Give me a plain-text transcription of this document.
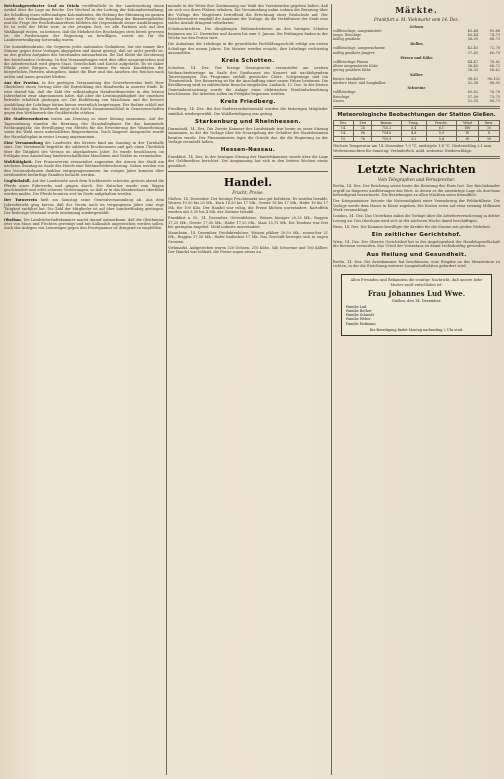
Reichsabgeordneter Graf zu Oriola veröffentlicht in der Landeszeitung einen Artikel über die Lage im Reiche. Der Wechsel in der Leitung der Kolonialverwaltung, die Schaffung eines selbständigen Kolonialamtes, die Hebung der Stimmung im ganzen Lande, die Verhandlungen über Heer und Flotte, die Regelung der Beamtengehälter und die Frage der Reichsfinanzreform bildeten die Gegenstände seiner Ausführungen. Es ist wohl der Mühe wert, in der jetzigen Zeit, wo alle Parteien sich auf den Wahlkampf rüsten, zu betonen, daß die Mehrheit des Reichstages stets bereit gewesen ist, die Forderungen der Regierung zu bewilligen, soweit sie für die Landesverteidigung notwendig waren.

Die Sozialdemokratie, die Gegnerin jedes nationalen Gedankens, hat wie immer ihre Stimme gegen diese Vorlagen abgegeben und damit gezeigt, daß sie nicht gewillt ist, an den großen Aufgaben des Vaterlandes mitzuarbeiten. Ihr Ziel bleibt die Zerstörung der bestehenden Ordnung. In den Versammlungen wird dies offen ausgesprochen und die Arbeiterschaft wird gegen Staat, Gesellschaft und Kirche aufgehetzt. Es ist daher Pflicht jedes Bürgers, am Wahltage seine Stimme für einen Kandidaten der bürgerlichen Parteien abzugeben, damit die Ehre und das Ansehen des Reiches nach außen und innen gewahrt bleiben.

Aus der Provinz. In der gestrigen Versammlung des Gewerbevereins hielt Herr Oberlehrer einen Vortrag über die Entwicklung des Handwerks in unserer Stadt. Er wies darauf hin, daß die Zahl der selbständigen Handwerksmeister in den letzten Jahrzehnten zwar abgenommen habe, daß aber die Leistungsfähigkeit der einzelnen Betriebe erheblich gestiegen sei. Die Einführung von Maschinen und die bessere Ausbildung der Lehrlinge hätten hierzu wesentlich beigetragen. Der Redner schloß mit der Mahnung, das Handwerk möge sich durch Zusammenschluß in Genossenschaften gegen den Wettbewerb der Großbetriebe stärken.

Die Stadtverordneten traten am Dienstag zu einer Sitzung zusammen. Auf der Tagesordnung standen die Beratung des Haushaltsplanes für das kommende Rechnungsjahr, die Bewilligung von Mitteln für die Erweiterung der Wasserleitung sowie die Wahl eines unbesoldeten Beigeordneten. Nach längerer Aussprache wurde der Haushaltsplan in erster Lesung angenommen.

Eine Versammlung der Landwirte des Kreises fand am Sonntag in der Turnhalle statt. Der Vorsitzende begrüßte die zahlreich Erschienenen und gab einen Überblick über die Tätigkeit des Vereins im abgelaufenen Jahre. Es wurde beschlossen, im Frühjahr eine Ausstellung landwirtschaftlicher Maschinen und Geräte zu veranstalten.

Wohltätigkeit. Der Frauenverein veranstaltet zugunsten der Armen der Stadt am nächsten Sonntag im Saale des Hotels eine Weihnachtsbescherung. Gaben werden von den Vorstandsdamen dankbar entgegengenommen. Im vorigen Jahre konnten über zweihundert bedürftige Familien bedacht werden.

Unglücksfall. Auf der Landstraße nach dem Nachbarorte scheuten gestern abend die Pferde eines Fuhrwerks und gingen durch. Der Kutscher wurde vom Wagen geschleudert und erlitt schwere Verletzungen, so daß er in das Krankenhaus überführt werden mußte. Die Pferde konnten erst im Dorfe aufgehalten werden.

Der Turnverein hielt am Samstag seine Generalversammlung ab. Aus dem Jahresbericht ging hervor, daß der Verein auch im vergangenen Jahre eine rege Tätigkeit entfaltet hat. Die Zahl der Mitglieder ist auf über hundertfünfzig gestiegen. Der bisherige Vorstand wurde einstimmig wiedergewählt.

Obstbau. Die Landwirtschaftskammer macht darauf aufmerksam, daß die Obstbäume jetzt von Moos und Flechten gereinigt und mit Kalkmilch angestrichen werden sollen. Auch das Anlegen von Leimringen gegen den Frostspanner ist dringend zu empfehlen.

meinde in der Weise ihre Zustimmung zur Wahl des Vorsitzenden gegeben haben, daß sie sich von ihren Plätzen erhoben. Die Versammlung nahm sodann die Beratung über die Vorlage des Magistrats betreffend die Errichtung einer Realschule auf. Der Berichterstatter empfahl die Annahme der Vorlage, da die Verhältnisse der Stadt eine solche Anstalt dringend erforderten.

Schulnachrichten. Die diesjährigen Weihnachtsferien an den hiesigen Schulen beginnen am 22. Dezember und dauern bis zum 5. Januar. Die Prüfungen finden in der Woche vor den Ferien statt.

Die Aufnahme der Lehrlinge in die gewerbliche Fortbildungsschule erfolgt am ersten Schultage des neuen Jahres. Die Meister werden ersucht, ihre Lehrlinge rechtzeitig anzumelden.

Kreis Schotten.

Schotten, 14. Dez. Der hiesige Gesangverein veranstaltet am zweiten Weihnachtsfeiertage im Saale des Gasthauses ein Konzert mit nachfolgendem Tanzvergnügen. Das Programm enthält gemischte Chöre, Sologesänge und ein Theaterstück. Der Reinertrag ist für die Anschaffung einer neuen Fahne bestimmt. Die Bevölkerung wird zu zahlreichem Besuche eingeladen. Laubach, 13. Dez. In der letzten Gemeinderatssitzung wurde die Anlage einer elektrischen Straßenbeleuchtung beschlossen. Die Arbeiten sollen im Frühjahr begonnen werden.

Kreis Friedberg.

Friedberg, 14. Dez. Bei der Stadtverordnetenwahl wurden die bisherigen Mitglieder sämtlich wiedergewählt. Die Wahlbeteiligung war gering.

Starkenburg und Rheinhessen.

Darmstadt, 14. Dez. Die Zweite Kammer der Landstände trat heute zu einer Sitzung zusammen, in der die Vorlage über die Neuregelung der Gehälter der Staatsbeamten beraten wurde. Der Finanzminister legte die Gründe dar, die die Regierung zu der Vorlage veranlaßt haben.

Hessen-Nassau.

Frankfurt, 14. Dez. In der heutigen Sitzung der Handelskammer wurde über die Lage des Geldmarktes berichtet. Die Anspannung hat sich in den letzten Wochen etwas gemildert.

Handel.
Frucht, Preise.

Gießen, 14. Dezember. Der heutige Fruchtmarkt war gut befahren. Es wurden bezahlt: Weizen 19,50 bis 20 Mk., Korn 16,50 bis 17 Mk., Gerste 16 bis 17 Mk., Hafer 16 bis 17 Mk. für 100 Kilo. Der Handel war ruhig, die Preise blieben unverändert. Kartoffeln wurden mit 3,50 bis 4 Mk. der Zentner bezahlt.

Frankfurt a. M., 14. Dezember. Getreidebörse. Weizen hiesiger 20,25 Mk., Roggen 17,25 Mk., Gerste 17,50 Mk., Hafer 17,25 Mk., Mais 15,75 Mk. Die Tendenz war fest bei geringem Angebot. Mehl notierte unverändert.

Mannheim, 14. Dezember. Produktenbörse. Weizen pfälzer 20,50 Mk., russischer 21 Mk., Roggen 17,50 Mk., Hafer badischer 17 Mk. Das Geschäft bewegte sich in engen Grenzen.

Viehmarkt. Aufgetrieben waren 320 Ochsen, 210 Kühe, 540 Schweine und 180 Kälber. Der Handel war lebhaft, die Preise zogen etwas an.

Märkte.
Frankfurt a. M. Viehmarkt vom 14. Dez.
Ochsen		
vollfleischige, ausgemästete	45–48	80–86
junge, fleischige	40–44	74–79
mäßig genährte	36–39	68–73
Bullen		
vollfleischige, ausgewachsene	42–45	72–76
mäßig genährte jüngere	37–40	66–70
Färsen und Kühe		
vollfleischige Färsen	44–47	78–82
ältere ausgemästete Kühe	36–40	66–72
gering genährte Kühe	28–33	56–62
Kälber		
feinste Mastkälber	58–62	96–102
mittlere Mast- und Saugkälber	52–56	86–92
Schweine		
vollfleischige	60–62	76–78
fleischige	57–59	73–75
Sauen	52–55	66–70
Meteorologische Beobachtungen der Station Gießen.
Dez.	Zeit	Barom.	Temp.	Feucht.	Wind	Bew.
14.	2h	755,2	6,4	6,1	SW	10
14.	9h	754,8	4,8	5,9	W	8
15.	7h	753,9	3,2	5,4	W	10

Höchste Temperatur am 14. Dezember 7,0 °C, niedrigste 1,8 °C. Niederschlag 2,1 mm.

Wetteraussichten für Samstag: Veränderlich, mild, zeitweise Niederschläge.

Letzte Nachrichten
Vom Telegraphen und Fernsprecher.

Berlin, 14. Dez. Der Reichstag setzte heute die Beratung des Etats fort. Der Reichskanzler ergriff zu längeren Ausführungen das Wort, in denen er die auswärtige Lage als durchaus befriedigend bezeichnete. Die Beziehungen zu allen Mächten seien freundlich.

Der Kriegsminister betonte die Notwendigkeit einer Vermehrung der Feldartillerie. Die Vorlage werde dem Hause in Kürze zugehen. Die Kosten seien auf etwa zwanzig Millionen Mark veranschlagt.

London, 14. Dez. Das Unterhaus nahm die Vorlage über die Arbeiterversicherung in dritter Lesung an. Das Oberhaus wird sich in der nächsten Woche damit beschäftigen.

Paris, 14. Dez. Die Kammer bewilligte die Kredite für die Marine mit großer Mehrheit.

Ein zeitlicher Gerichtshof.

Wien, 14. Dez. Der Oberste Gerichtshof hat in der Angelegenheit der Handelsgesellschaft die Revision verworfen. Das Urteil der Vorinstanz ist damit rechtskräftig geworden.

Aus Heilung und Gesundheit.

Berlin, 14. Dez. Die Ärztekammer hat beschlossen, eine Eingabe an das Ministerium zu richten, in der die Errichtung weiterer Lungenheilstätten gefordert wird.

Allen Freunden und Bekannten die traurige Nachricht, daß unsere liebe Mutter sanft entschlafen ist.
Frau Johannes Lud Wwe.
Gießen, den 14. Dezember.
Familie Lud
Familie Becker
Familie Schmidt
Familie Weber
Familie Hofmann
Die Beerdigung findet Montag nachmittag 2 Uhr statt.
